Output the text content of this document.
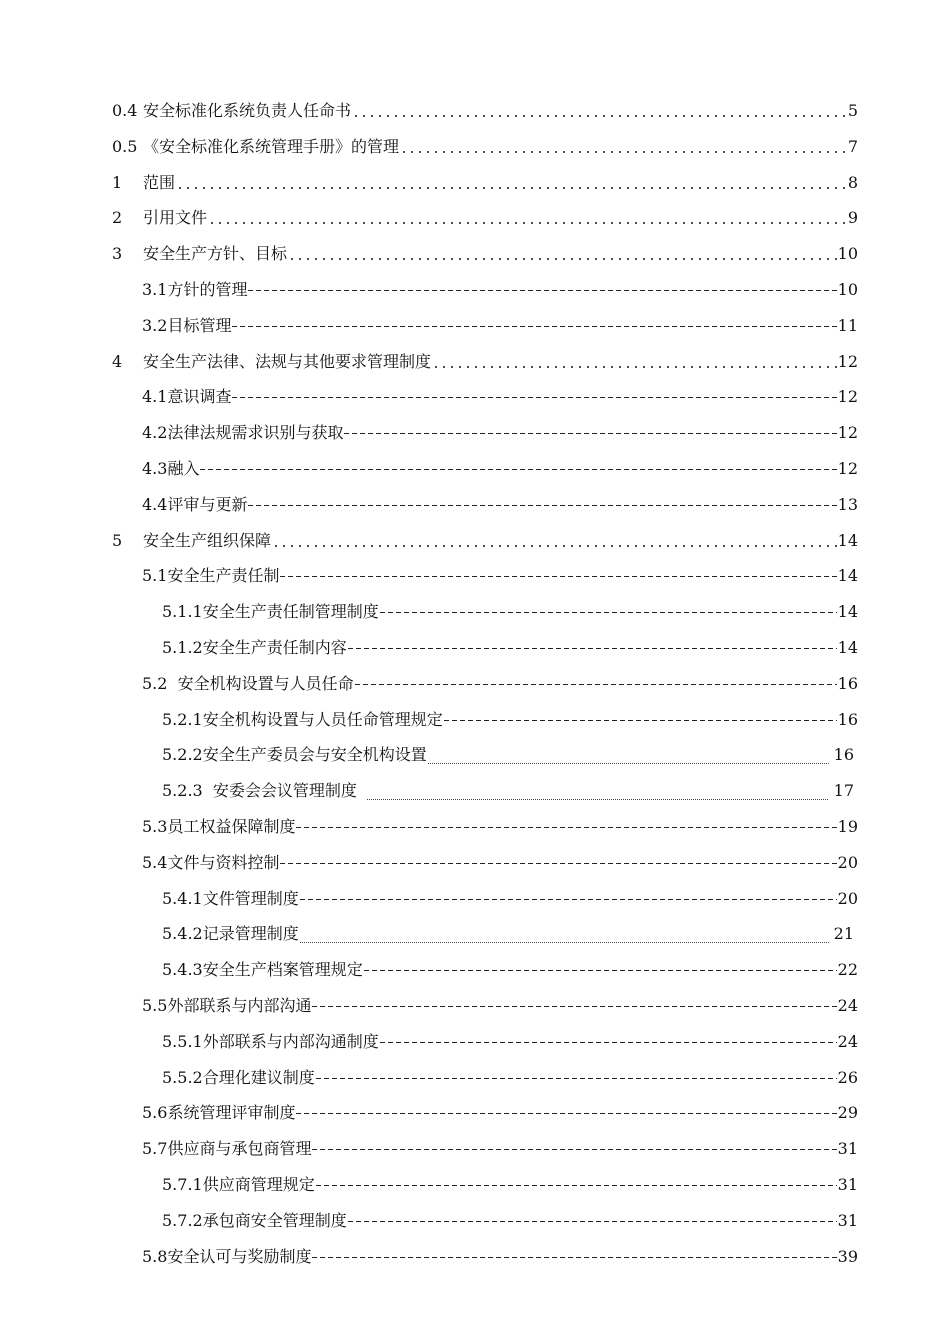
0.4 安全标准化系统负责人任命书	5
0.5 《安全标准化系统管理手册》的管理	7
1	范围	8
2	引用文件	9
3	安全生产方针、目标	10
3.1方针的管理	10
3.2目标管理	11
4	安全生产法律、法规与其他要求管理制度	12
4.1意识调查	12
4.2法律法规需求识别与获取	12
4.3融入	12
4.4评审与更新	13
5	安全生产组织保障	14
5.1安全生产责任制	14
5.1.1安全生产责任制管理制度	14
5.1.2安全生产责任制内容	14
5.2  安全机构设置与人员任命	16
5.2.1安全机构设置与人员任命管理规定	16
5.2.2安全生产委员会与安全机构设置	16
5.2.3  安委会会议管理制度	17
5.3员工权益保障制度	19
5.4文件与资料控制	20
5.4.1文件管理制度	20
5.4.2记录管理制度	21
5.4.3安全生产档案管理规定	22
5.5外部联系与内部沟通	24
5.5.1外部联系与内部沟通制度	24
5.5.2合理化建议制度	26
5.6系统管理评审制度	29
5.7供应商与承包商管理	31
5.7.1供应商管理规定	31
5.7.2承包商安全管理制度	31
5.8安全认可与奖励制度	39
